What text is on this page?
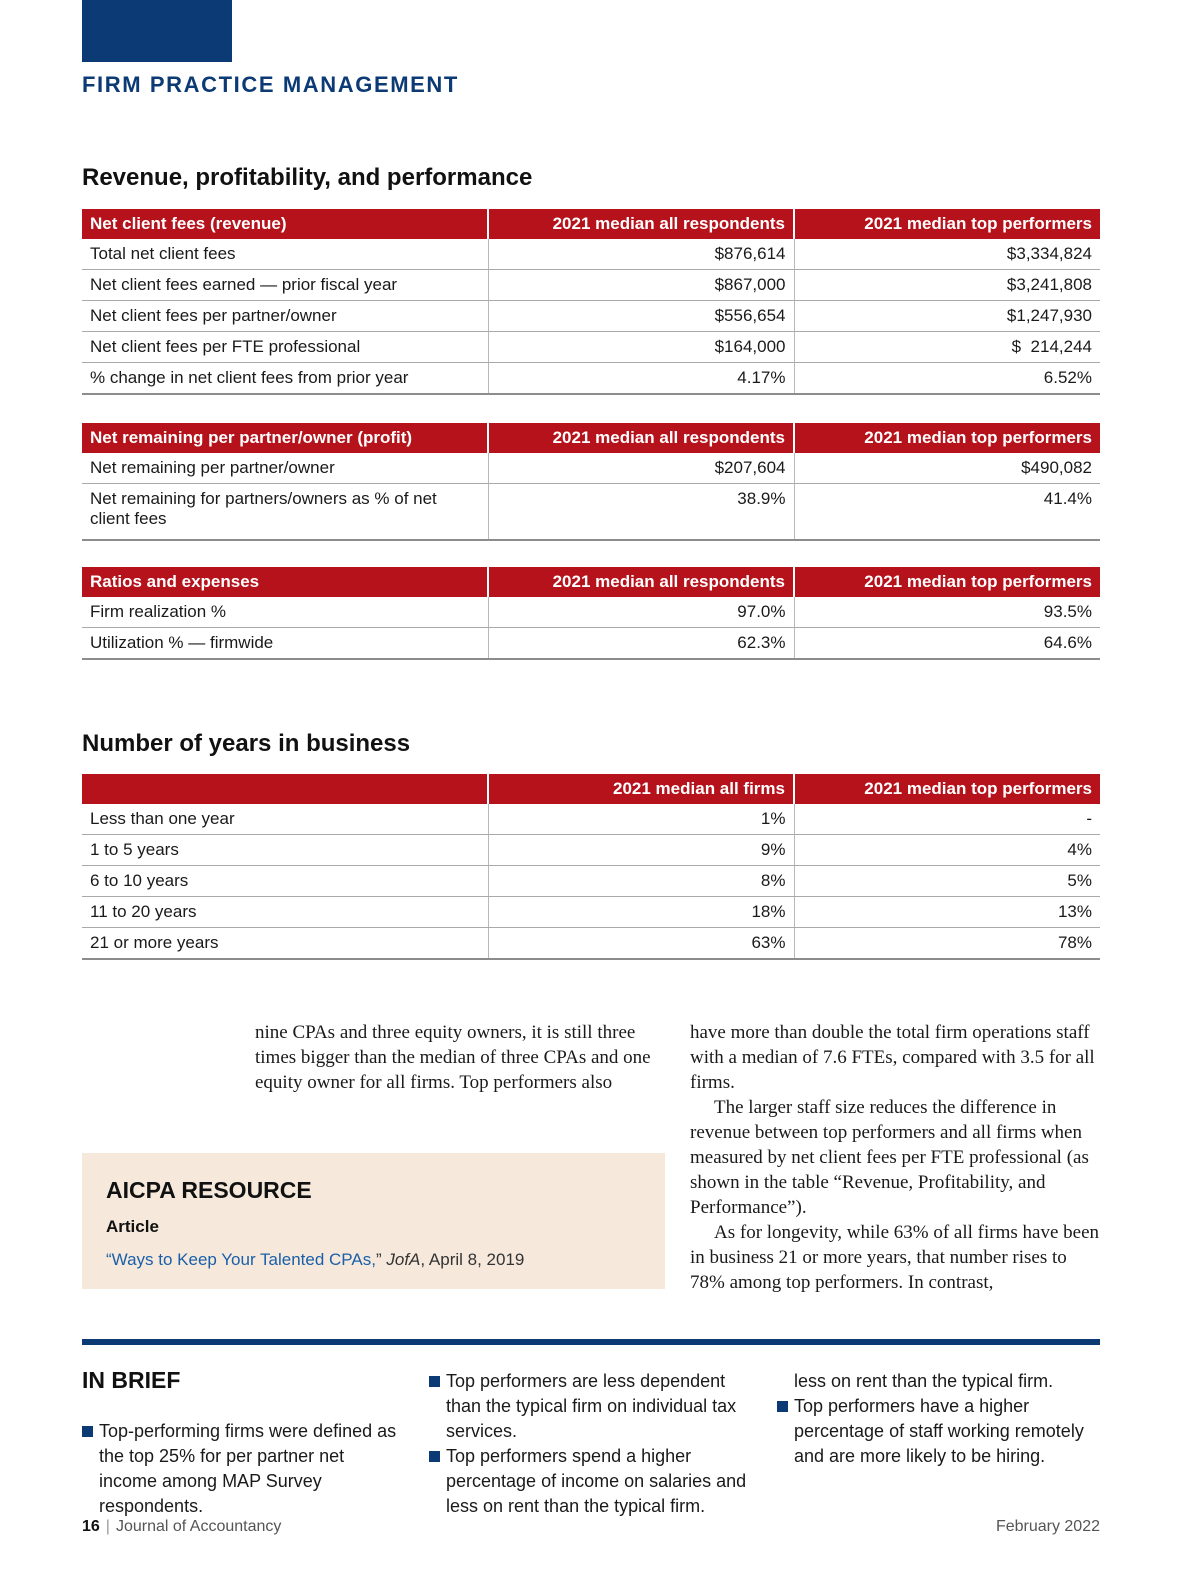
FIRM PRACTICE MANAGEMENT
Revenue, profitability, and performance
Net client fees (revenue)	2021 median all respondents	2021 median top performers
Total net client fees	$876,614	$3,334,824
Net client fees earned — prior fiscal year	$867,000	$3,241,808
Net client fees per partner/owner	$556,654	$1,247,930
Net client fees per FTE professional	$164,000	$  214,244
% change in net client fees from prior year	4.17%	6.52%
Net remaining per partner/owner (profit)	2021 median all respondents	2021 median top performers
Net remaining per partner/owner	$207,604	$490,082
Net remaining for partners/owners as % of net client fees	38.9%	41.4%
Ratios and expenses	2021 median all respondents	2021 median top performers
Firm realization %	97.0%	93.5%
Utilization % — firmwide	62.3%	64.6%
Number of years in business
	2021 median all firms	2021 median top performers
Less than one year	1%	-
1 to 5 years	9%	4%
6 to 10 years	8%	5%
11 to 20 years	18%	13%
21 or more years	63%	78%

nine CPAs and three equity owners, it is still three times bigger than the median of three CPAs and one equity owner for all firms. Top performers also

have more than double the total firm operations staff with a median of 7.6 FTEs, compared with 3.5 for all firms.

The larger staff size reduces the difference in revenue between top performers and all firms when measured by net client fees per FTE professional (as shown in the table “Revenue, Profitability, and Performance”).

As for longevity, while 63% of all firms have been in business 21 or more years, that number rises to 78% among top performers. In contrast,

AICPA RESOURCE

Article

“Ways to Keep Your Talented CPAs,” JofA, April 8, 2019

IN BRIEF
Top-performing firms were defined as the top 25% for per partner net income among MAP Survey respondents.
Top performers are less dependent than the typical firm on individual tax services.
Top performers spend a higher percentage of income on salaries and less on rent than the typical firm.
less on rent than the typical firm.
Top performers have a higher percentage of staff working remotely and are more likely to be hiring.

16 | Journal of Accountancy	February 2022
